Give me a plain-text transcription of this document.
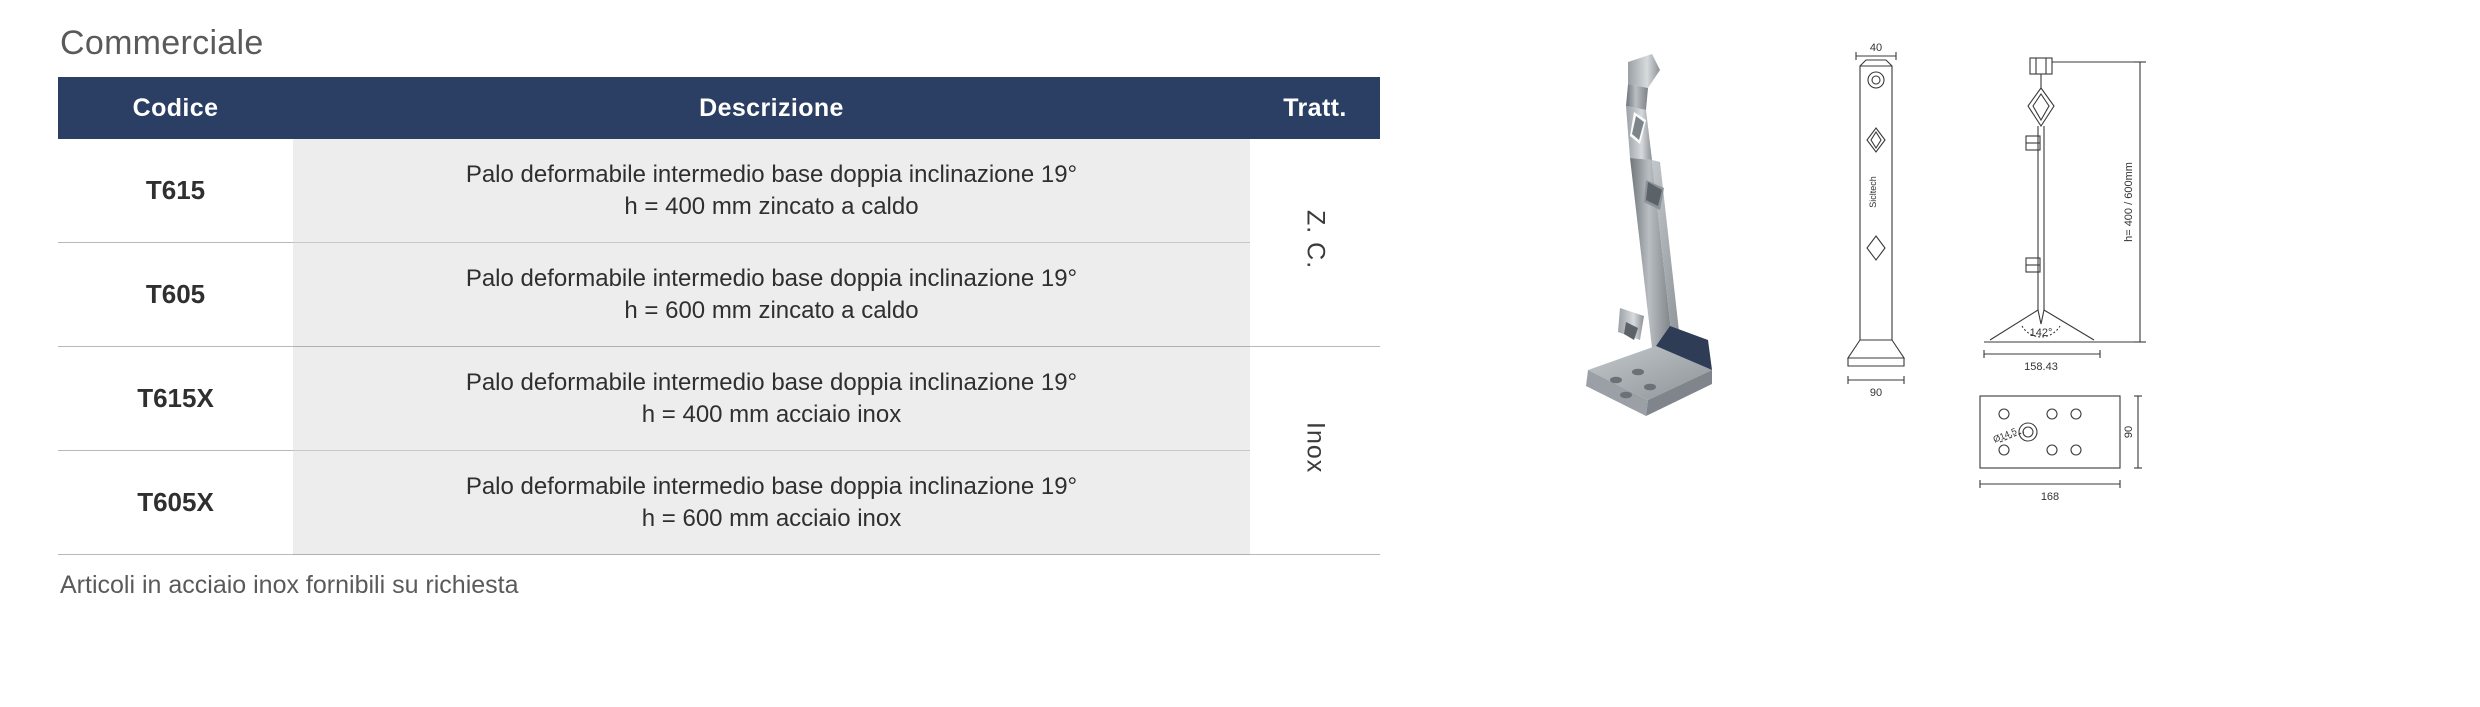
Commerciale
Codice	Descrizione	Tratt.
T615	Palo deformabile intermedio base doppia inclinazione 19°
h = 400 mm zincato a caldo	Z. C.
T605	Palo deformabile intermedio base doppia inclinazione 19°
h = 600 mm zincato a caldo	
T615X	Palo deformabile intermedio base doppia inclinazione 19°
h = 400 mm acciaio inox	Inox
T605X	Palo deformabile intermedio base doppia inclinazione 19°
h = 600 mm acciaio inox	

Articoli in acciaio inox fornibili su richiesta

40
Sicltech
90
142°
158.43
h= 400 / 600mm
Ø14,5
168
90
